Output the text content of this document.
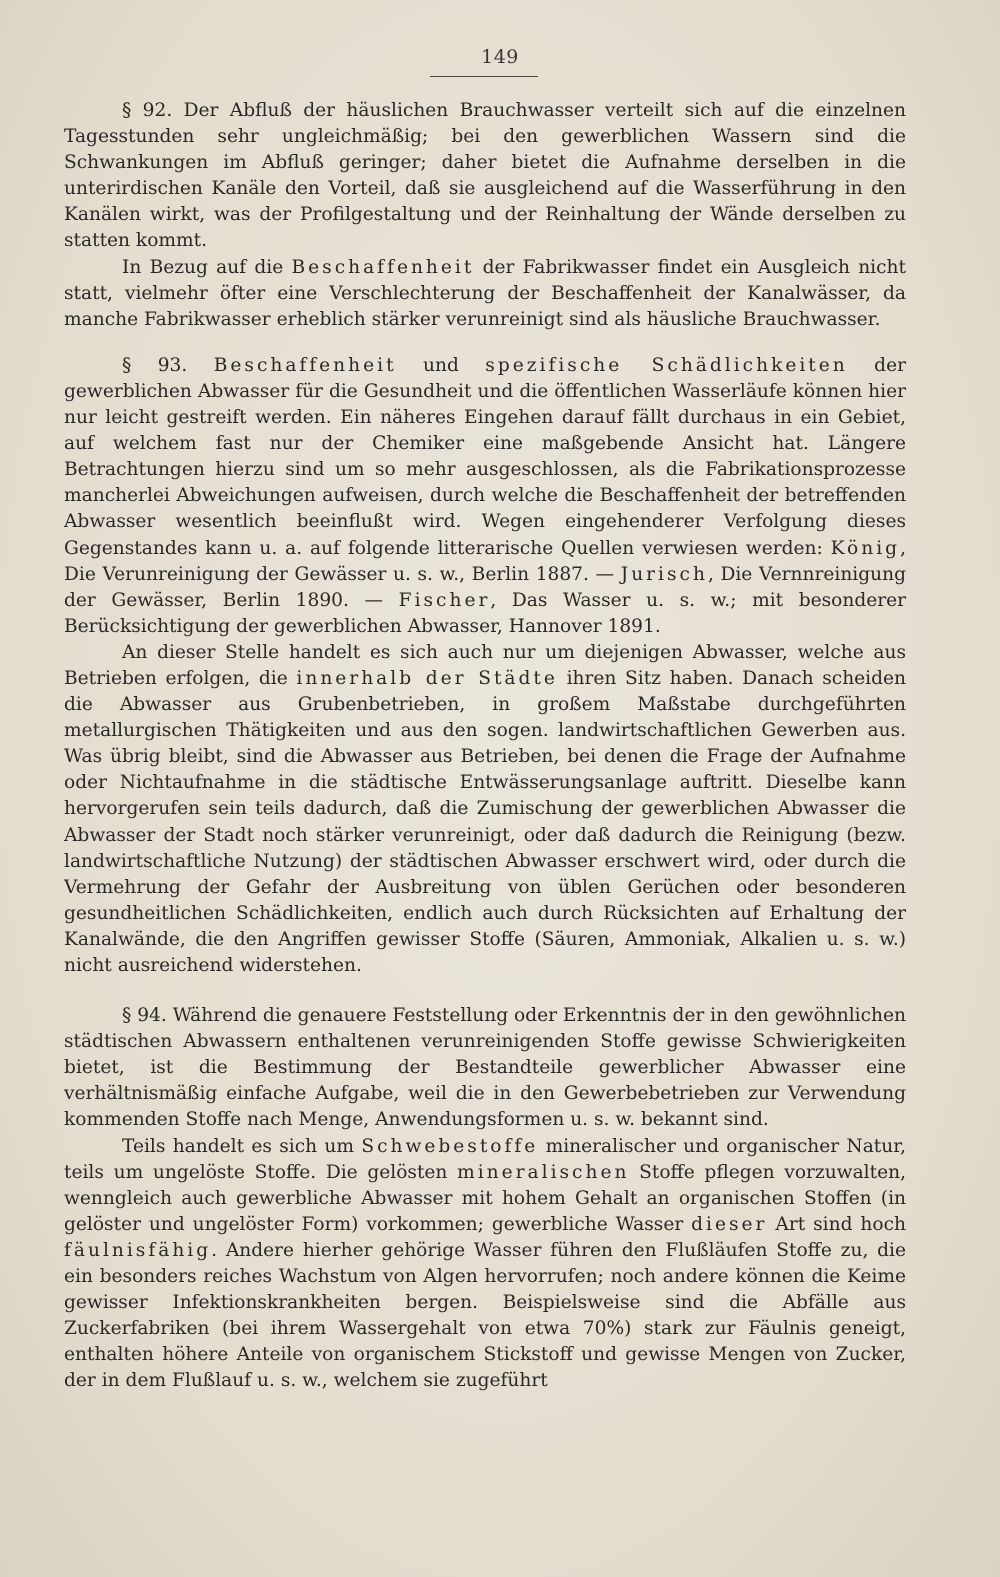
149

§ 92. Der Abfluß der häuslichen Brauchwasser verteilt sich auf die einzelnen Tagesstunden sehr ungleichmäßig; bei den gewerblichen Wassern sind die Schwankungen im Abfluß geringer; daher bietet die Aufnahme derselben in die unterirdischen Kanäle den Vorteil, daß sie ausgleichend auf die Wasserführung in den Kanälen wirkt, was der Profilgestaltung und der Reinhaltung der Wände derselben zu statten kommt.

In Bezug auf die Beschaffenheit der Fabrikwasser findet ein Ausgleich nicht statt, vielmehr öfter eine Verschlechterung der Beschaffenheit der Kanalwässer, da manche Fabrikwasser erheblich stärker verunreinigt sind als häusliche Brauchwasser.

§ 93. Beschaffenheit und spezifische Schädlichkeiten der gewerblichen Abwasser für die Gesundheit und die öffentlichen Wasserläufe können hier nur leicht gestreift werden. Ein näheres Eingehen darauf fällt durchaus in ein Gebiet, auf welchem fast nur der Chemiker eine maßgebende Ansicht hat. Längere Betrachtungen hierzu sind um so mehr ausgeschlossen, als die Fabrikationsprozesse mancherlei Abweichungen aufweisen, durch welche die Beschaffenheit der betreffenden Abwasser wesentlich beeinflußt wird. Wegen eingehenderer Verfolgung dieses Gegenstandes kann u. a. auf folgende litterarische Quellen verwiesen werden: König, Die Verunreinigung der Gewässer u. s. w., Berlin 1887. — Jurisch, Die Vernnreinigung der Gewässer, Berlin 1890. — Fischer, Das Wasser u. s. w.; mit besonderer Berücksichtigung der gewerblichen Abwasser, Hannover 1891.

An dieser Stelle handelt es sich auch nur um diejenigen Abwasser, welche aus Betrieben erfolgen, die innerhalb der Städte ihren Sitz haben. Danach scheiden die Abwasser aus Grubenbetrieben, in großem Maßstabe durchgeführten metallurgischen Thätigkeiten und aus den sogen. landwirtschaftlichen Gewerben aus. Was übrig bleibt, sind die Abwasser aus Betrieben, bei denen die Frage der Aufnahme oder Nichtaufnahme in die städtische Entwässerungsanlage auftritt. Dieselbe kann hervorgerufen sein teils dadurch, daß die Zumischung der gewerblichen Abwasser die Abwasser der Stadt noch stärker verunreinigt, oder daß dadurch die Reinigung (bezw. landwirtschaftliche Nutzung) der städtischen Abwasser erschwert wird, oder durch die Vermehrung der Gefahr der Ausbreitung von üblen Gerüchen oder besonderen gesundheitlichen Schädlichkeiten, endlich auch durch Rücksichten auf Erhaltung der Kanalwände, die den Angriffen gewisser Stoffe (Säuren, Ammoniak, Alkalien u. s. w.) nicht ausreichend widerstehen.

§ 94. Während die genauere Feststellung oder Erkenntnis der in den gewöhnlichen städtischen Abwassern enthaltenen verunreinigenden Stoffe gewisse Schwierigkeiten bietet, ist die Bestimmung der Bestandteile gewerblicher Abwasser eine verhältnismäßig einfache Aufgabe, weil die in den Gewerbebetrieben zur Verwendung kommenden Stoffe nach Menge, Anwendungsformen u. s. w. bekannt sind.

Teils handelt es sich um Schwebestoffe mineralischer und organischer Natur, teils um ungelöste Stoffe. Die gelösten mineralischen Stoffe pflegen vorzuwalten, wenngleich auch gewerbliche Abwasser mit hohem Gehalt an organischen Stoffen (in gelöster und ungelöster Form) vorkommen; gewerbliche Wasser dieser Art sind hoch fäulnisfähig. Andere hierher gehörige Wasser führen den Flußläufen Stoffe zu, die ein besonders reiches Wachstum von Algen hervorrufen; noch andere können die Keime gewisser Infektionskrankheiten bergen. Beispielsweise sind die Abfälle aus Zuckerfabriken (bei ihrem Wassergehalt von etwa 70%) stark zur Fäulnis geneigt, enthalten höhere Anteile von organischem Stickstoff und gewisse Mengen von Zucker, der in dem Flußlauf u. s. w., welchem sie zugeführt
